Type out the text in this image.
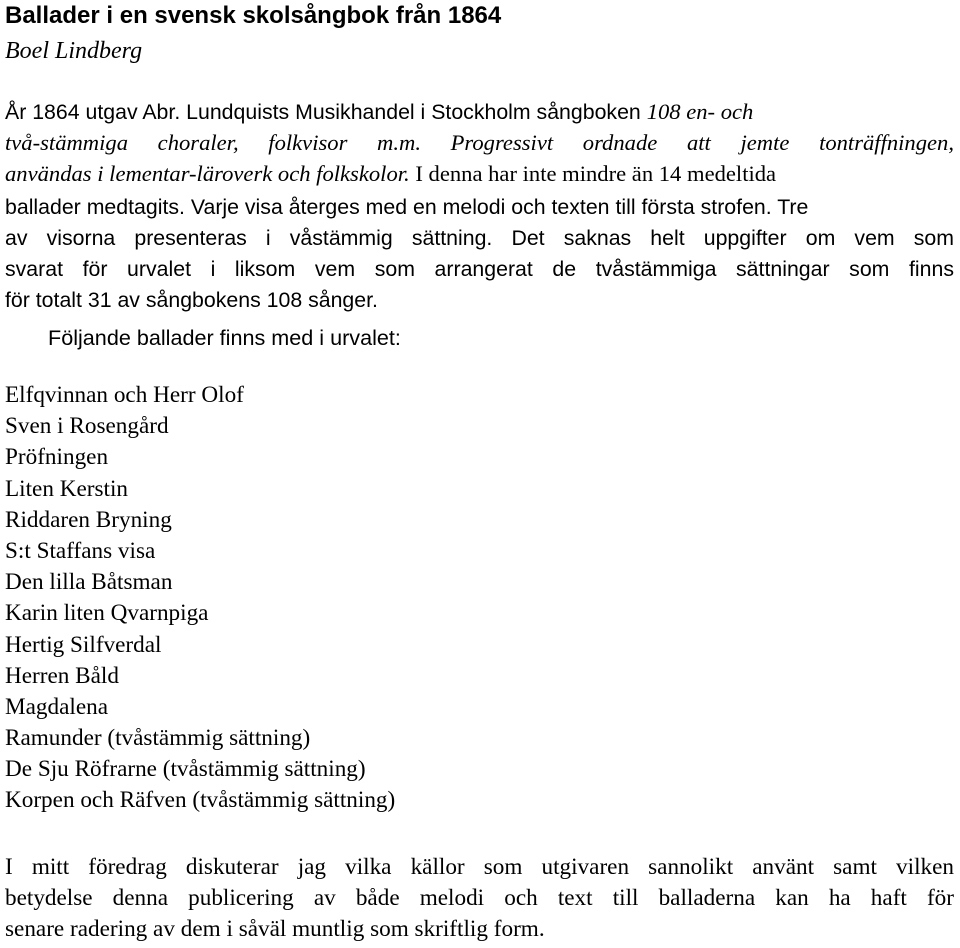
Ballader i en svensk skolsångbok från 1864

Boel Lindberg

År 1864 utgav Abr. Lundquists Musikhandel i Stockholm sångboken 108 en- och

två-stämmiga choraler, folkvisor m.m. Progressivt ordnade att jemte tonträffningen,

användas i lementar-läroverk och folkskolor. I denna har inte mindre än 14 medeltida

ballader medtagits. Varje visa återges med en melodi och texten till första strofen. Tre

av visorna presenteras i våstämmig sättning. Det saknas helt uppgifter om vem som

svarat för urvalet i liksom vem som arrangerat de tvåstämmiga sättningar som finns

för totalt 31 av sångbokens 108 sånger.

Följande ballader finns med i urvalet:

Elfqvinnan och Herr Olof
Sven i Rosengård
Pröfningen
Liten Kerstin
Riddaren Bryning
S:t Staffans visa
Den lilla Båtsman
Karin liten Qvarnpiga
Hertig Silfverdal
Herren Båld
Magdalena
Ramunder (tvåstämmig sättning)
De Sju Röfrarne (tvåstämmig sättning)
Korpen och Räfven (tvåstämmig sättning)

I mitt föredrag diskuterar jag vilka källor som utgivaren sannolikt använt samt vilken

betydelse denna publicering av både melodi och text till balladerna kan ha haft för

senare radering av dem i såväl muntlig som skriftlig form.
